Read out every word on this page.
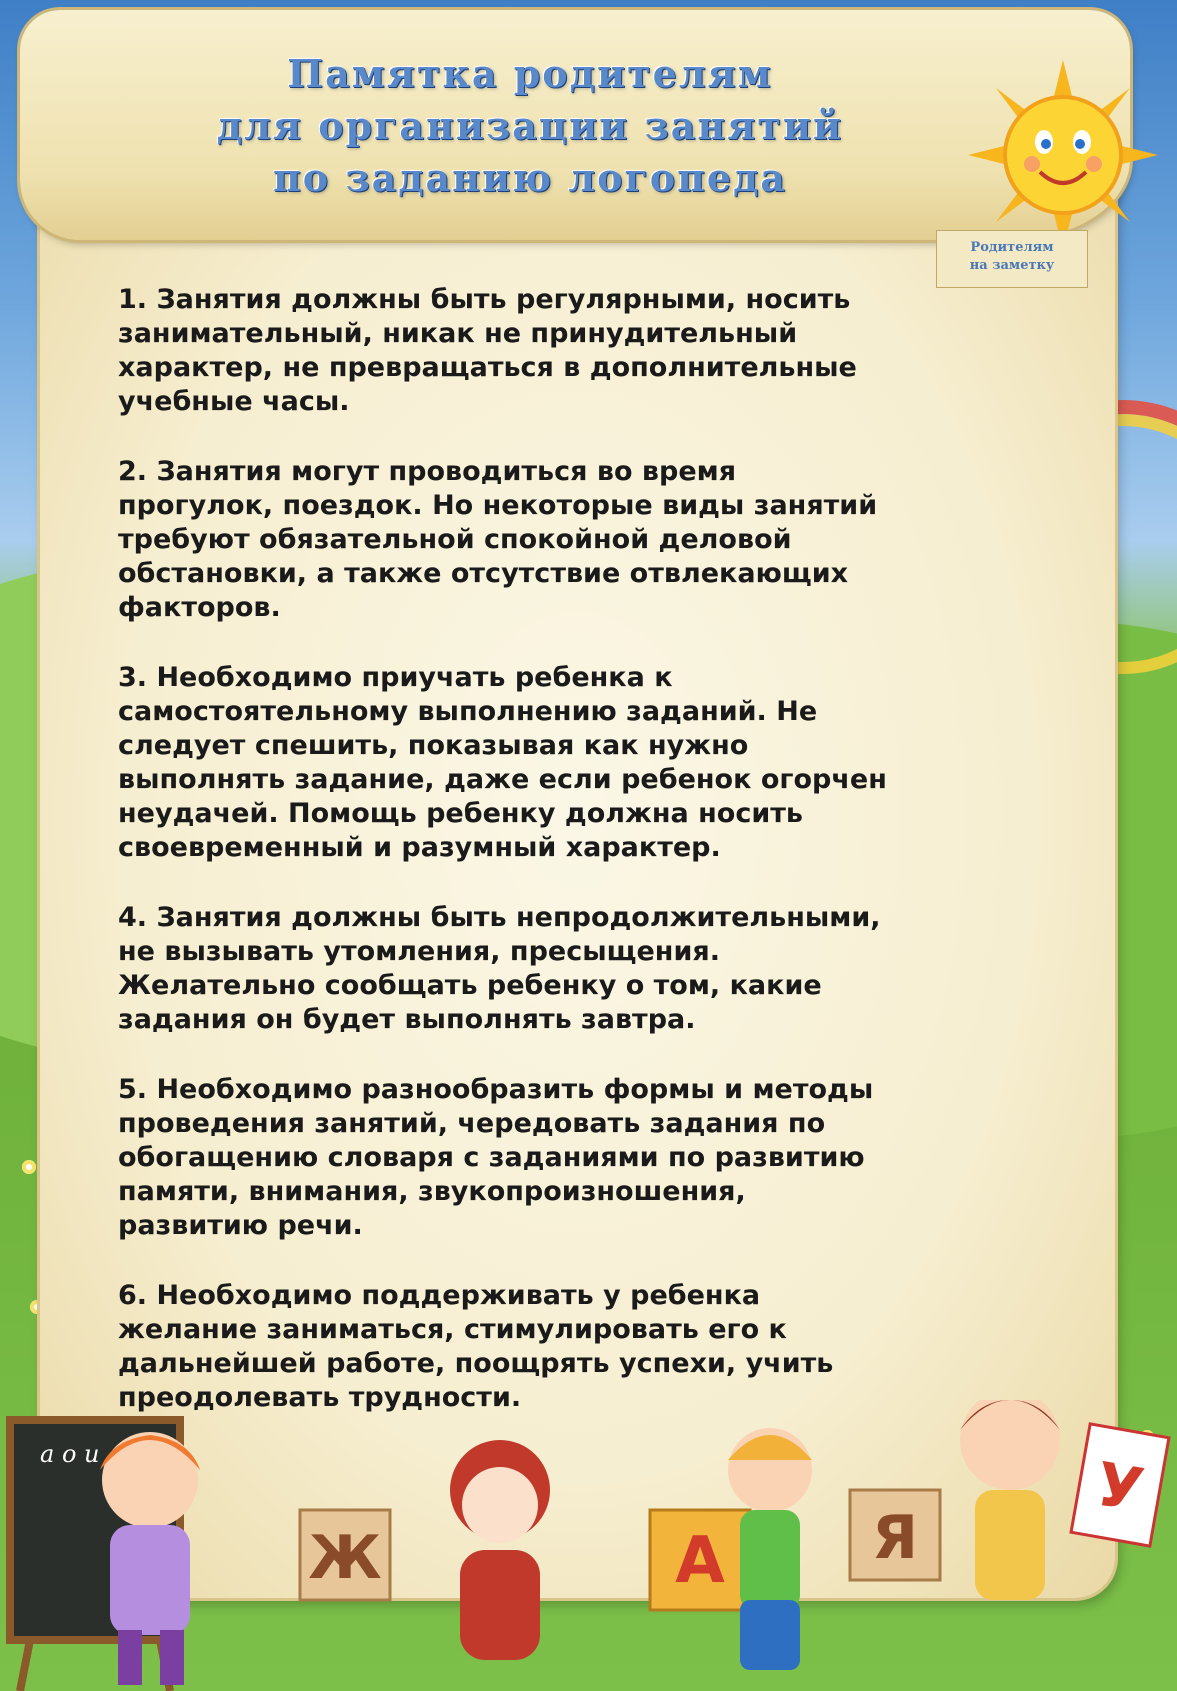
Памятка родителям
для организации занятий
по заданию логопеда
Родителям
на заметку

1. Занятия должны быть регулярными, носить
занимательный, никак не принудительный
характер, не превращаться в дополнительные
учебные часы.

2. Занятия могут проводиться во время
прогулок, поездок. Но некоторые виды занятий
требуют обязательной спокойной деловой
обстановки, а также отсутствие отвлекающих
факторов.

3. Необходимо приучать ребенка к
самостоятельному выполнению заданий. Не
следует спешить, показывая как нужно
выполнять задание, даже если ребенок огорчен
неудачей. Помощь ребенку должна носить
своевременный и разумный характер.

4. Занятия должны быть непродолжительными,
не вызывать утомления, пресыщения.
Желательно сообщать ребенку о том, какие
задания он будет выполнять завтра.

5. Необходимо разнообразить формы и методы
проведения занятий, чередовать задания по
обогащению словаря с заданиями по развитию
памяти, внимания, звукопроизношения,
развитию речи.

6. Необходимо поддерживать у ребенка
желание заниматься, стимулировать его к
дальнейшей работе, поощрять успехи, учить
преодолевать трудности.

а о и
Ж	А Я
У
